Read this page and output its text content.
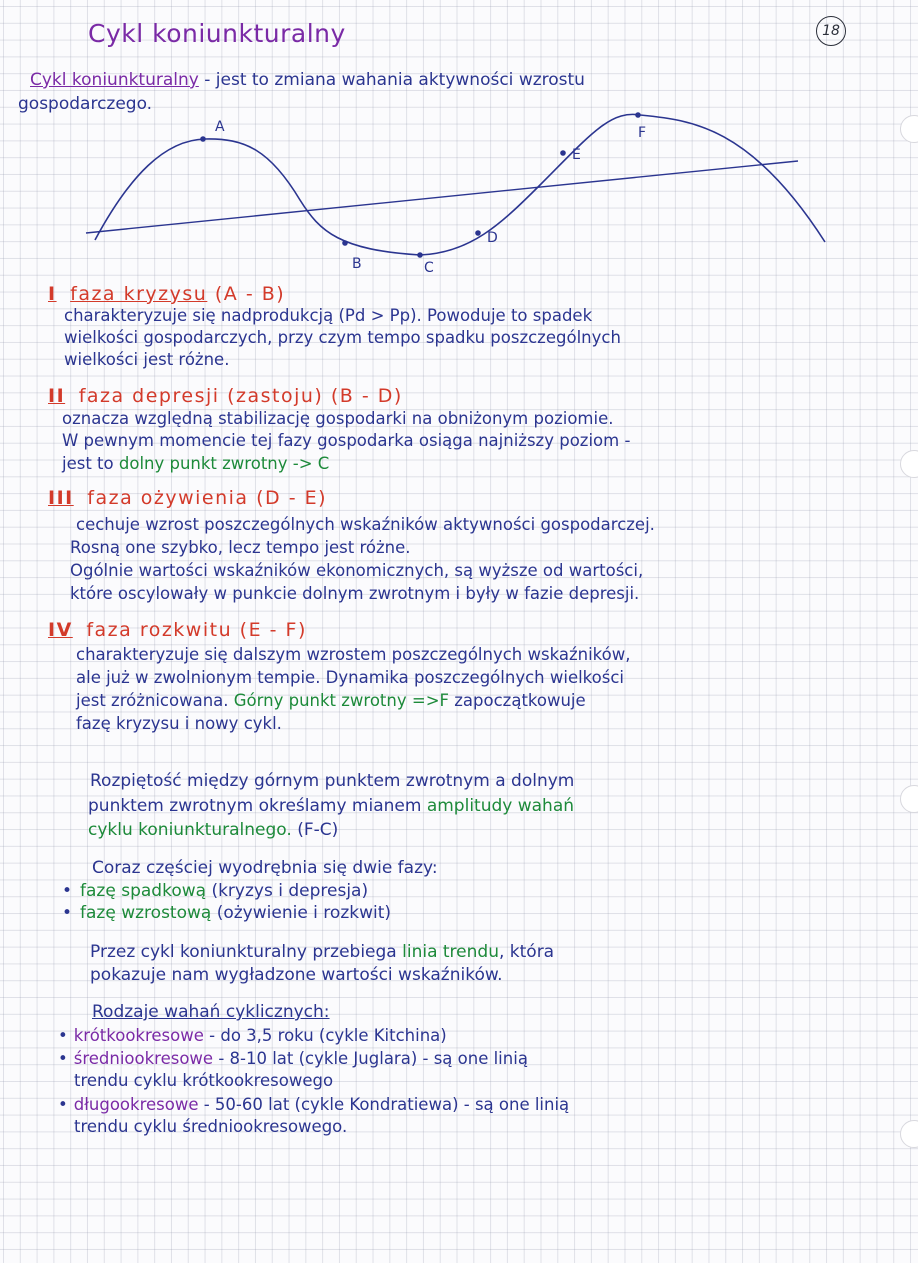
Cykl koniunkturalny	18
Cykl koniunkturalny - jest to zmiana wahania aktywności wzrostu
gospodarczego.
A
B	C
D
E
F
I faza kryzysu (A - B)
charakteryzuje się nadprodukcją (Pd > Pp). Powoduje to spadek
wielkości gospodarczych, przy czym tempo spadku poszczególnych
wielkości jest różne.
II faza depresji (zastoju) (B - D)
oznacza względną stabilizację gospodarki na obniżonym poziomie.
W pewnym momencie tej fazy gospodarka osiąga najniższy poziom -
jest to dolny punkt zwrotny -> C
III faza ożywienia (D - E)
cechuje wzrost poszczególnych wskaźników aktywności gospodarczej.
Rosną one szybko, lecz tempo jest różne.
Ogólnie wartości wskaźników ekonomicznych, są wyższe od wartości,
które oscylowały w punkcie dolnym zwrotnym i były w fazie depresji.
IV faza rozkwitu (E - F)
charakteryzuje się dalszym wzrostem poszczególnych wskaźników,
ale już w zwolnionym tempie. Dynamika poszczególnych wielkości
jest zróżnicowana. Górny punkt zwrotny =>F zapoczątkowuje
fazę kryzysu i nowy cykl.
Rozpiętość między górnym punktem zwrotnym a dolnym
punktem zwrotnym określamy mianem amplitudy wahań
cyklu koniunkturalnego. (F-C)
Coraz częściej wyodrębnia się dwie fazy:
• fazę spadkową (kryzys i depresja)
• fazę wzrostową (ożywienie i rozkwit)
Przez cykl koniunkturalny przebiega linia trendu, która
pokazuje nam wygładzone wartości wskaźników.
Rodzaje wahań cyklicznych:
• krótkookresowe - do 3,5 roku (cykle Kitchina)
• średniookresowe - 8-10 lat (cykle Juglara) - są one linią
trendu cyklu krótkookresowego
• długookresowe - 50-60 lat (cykle Kondratiewa) - są one linią
trendu cyklu średniookresowego.
